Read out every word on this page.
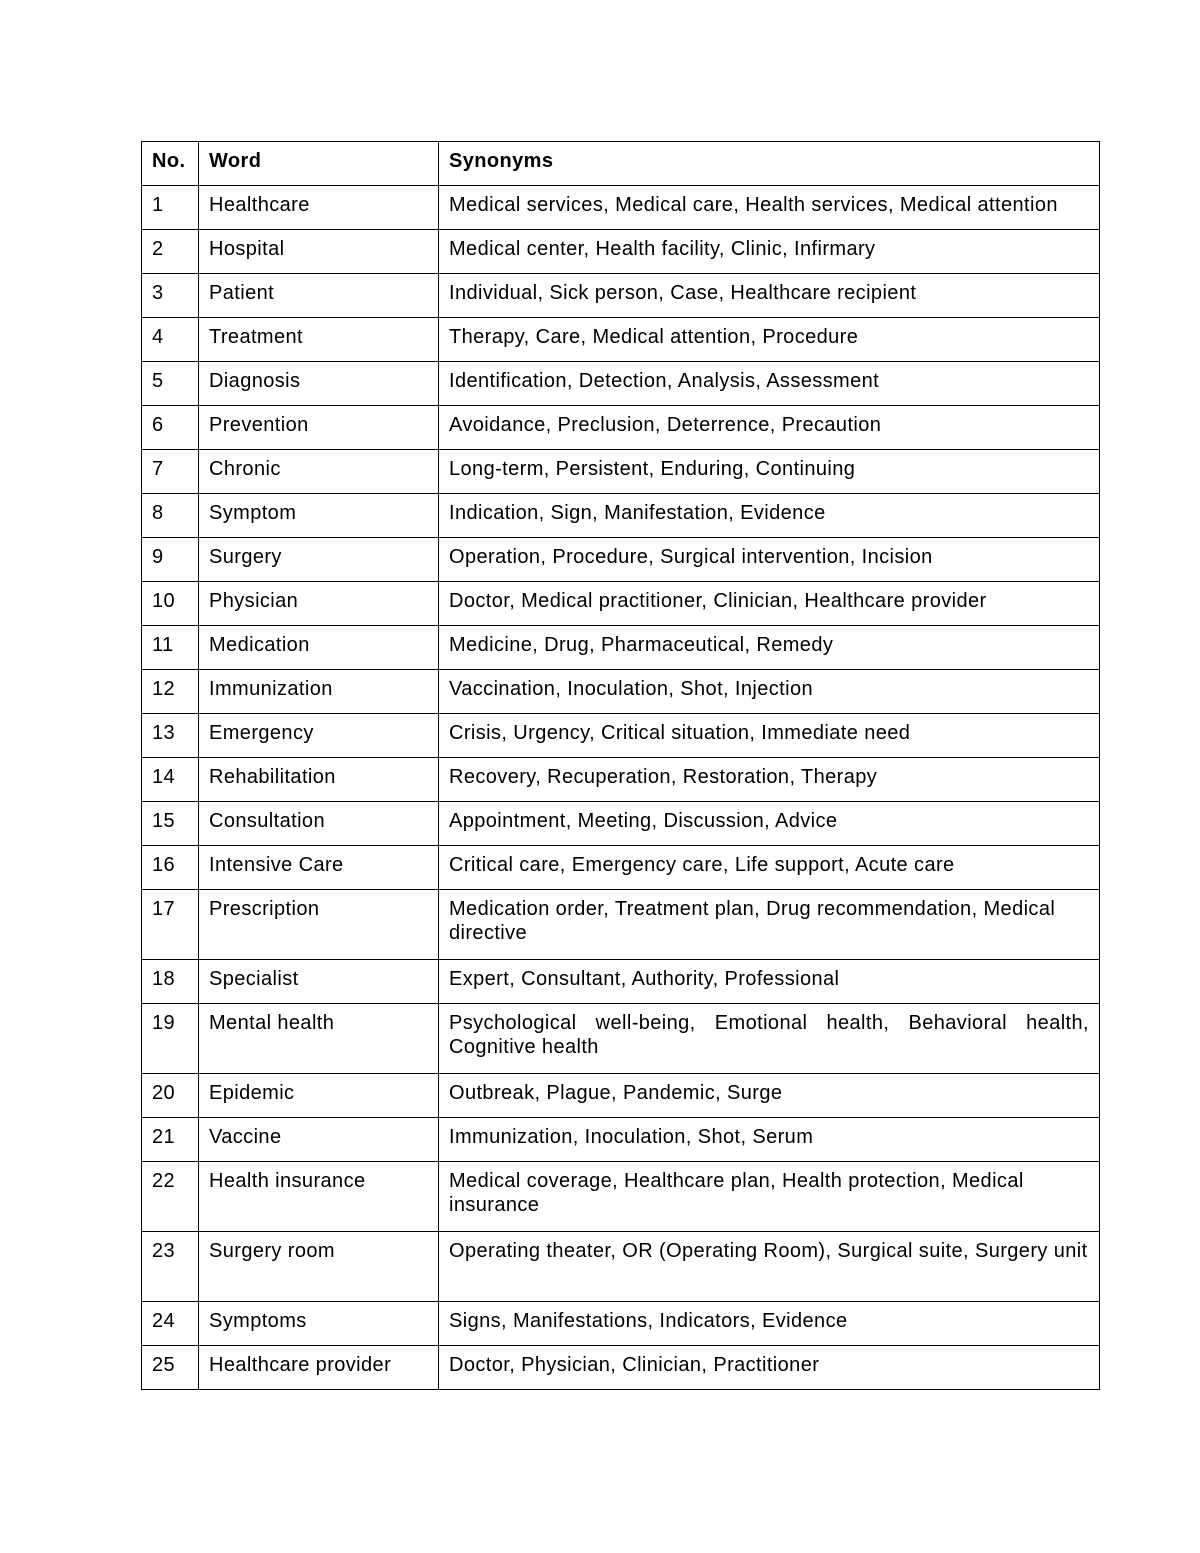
No.	Word	Synonyms
1	Healthcare	Medical services, Medical care, Health services, Medical attention
2	Hospital	Medical center, Health facility, Clinic, Infirmary
3	Patient	Individual, Sick person, Case, Healthcare recipient
4	Treatment	Therapy, Care, Medical attention, Procedure
5	Diagnosis	Identification, Detection, Analysis, Assessment
6	Prevention	Avoidance, Preclusion, Deterrence, Precaution
7	Chronic	Long-term, Persistent, Enduring, Continuing
8	Symptom	Indication, Sign, Manifestation, Evidence
9	Surgery	Operation, Procedure, Surgical intervention, Incision
10	Physician	Doctor, Medical practitioner, Clinician, Healthcare provider
11	Medication	Medicine, Drug, Pharmaceutical, Remedy
12	Immunization	Vaccination, Inoculation, Shot, Injection
13	Emergency	Crisis, Urgency, Critical situation, Immediate need
14	Rehabilitation	Recovery, Recuperation, Restoration, Therapy
15	Consultation	Appointment, Meeting, Discussion, Advice
16	Intensive Care	Critical care, Emergency care, Life support, Acute care
17	Prescription	Medication order, Treatment plan, Drug recommendation, Medical directive
18	Specialist	Expert, Consultant, Authority, Professional
19	Mental health	Psychological well-being, Emotional health, Behavioral health, Cognitive health
20	Epidemic	Outbreak, Plague, Pandemic, Surge
21	Vaccine	Immunization, Inoculation, Shot, Serum
22	Health insurance	Medical coverage, Healthcare plan, Health protection, Medical insurance
23	Surgery room	Operating theater, OR (Operating Room), Surgical suite, Surgery unit
24	Symptoms	Signs, Manifestations, Indicators, Evidence
25	Healthcare provider	Doctor, Physician, Clinician, Practitioner
